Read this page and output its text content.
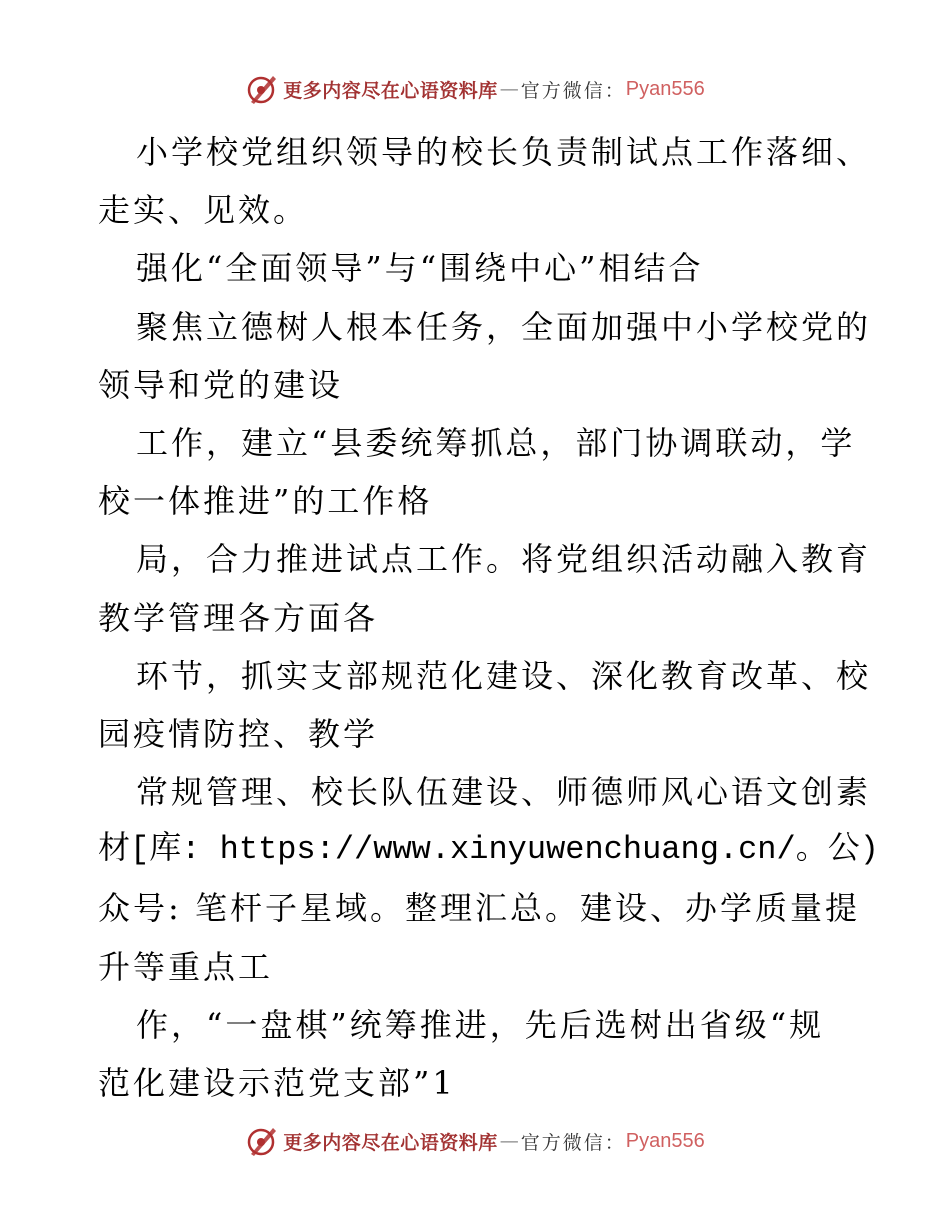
更多内容尽在心语资料库 — 官方微信： Pyan556
小学校党组织领导的校长负责制试点工作落细、
走实、见效。
强化“全面领导”与“围绕中心”相结合
聚焦立德树人根本任务，全面加强中小学校党的
领导和党的建设
工作，建立“县委统筹抓总，部门协调联动，学
校一体推进”的工作格
局，合力推进试点工作。将党组织活动融入教育
教学管理各方面各
环节，抓实支部规范化建设、深化教育改革、校
园疫情防控、教学
常规管理、校长队伍建设、师德师风心语文创素
材[库: https://www.xinyuwenchuang.cn/。公)
众号: 笔杆子星域。整理汇总。建设、办学质量提
升等重点工
作，“一盘棋”统筹推进，先后选树出省级“规
范化建设示范党支部”1
更多内容尽在心语资料库 — 官方微信： Pyan556
